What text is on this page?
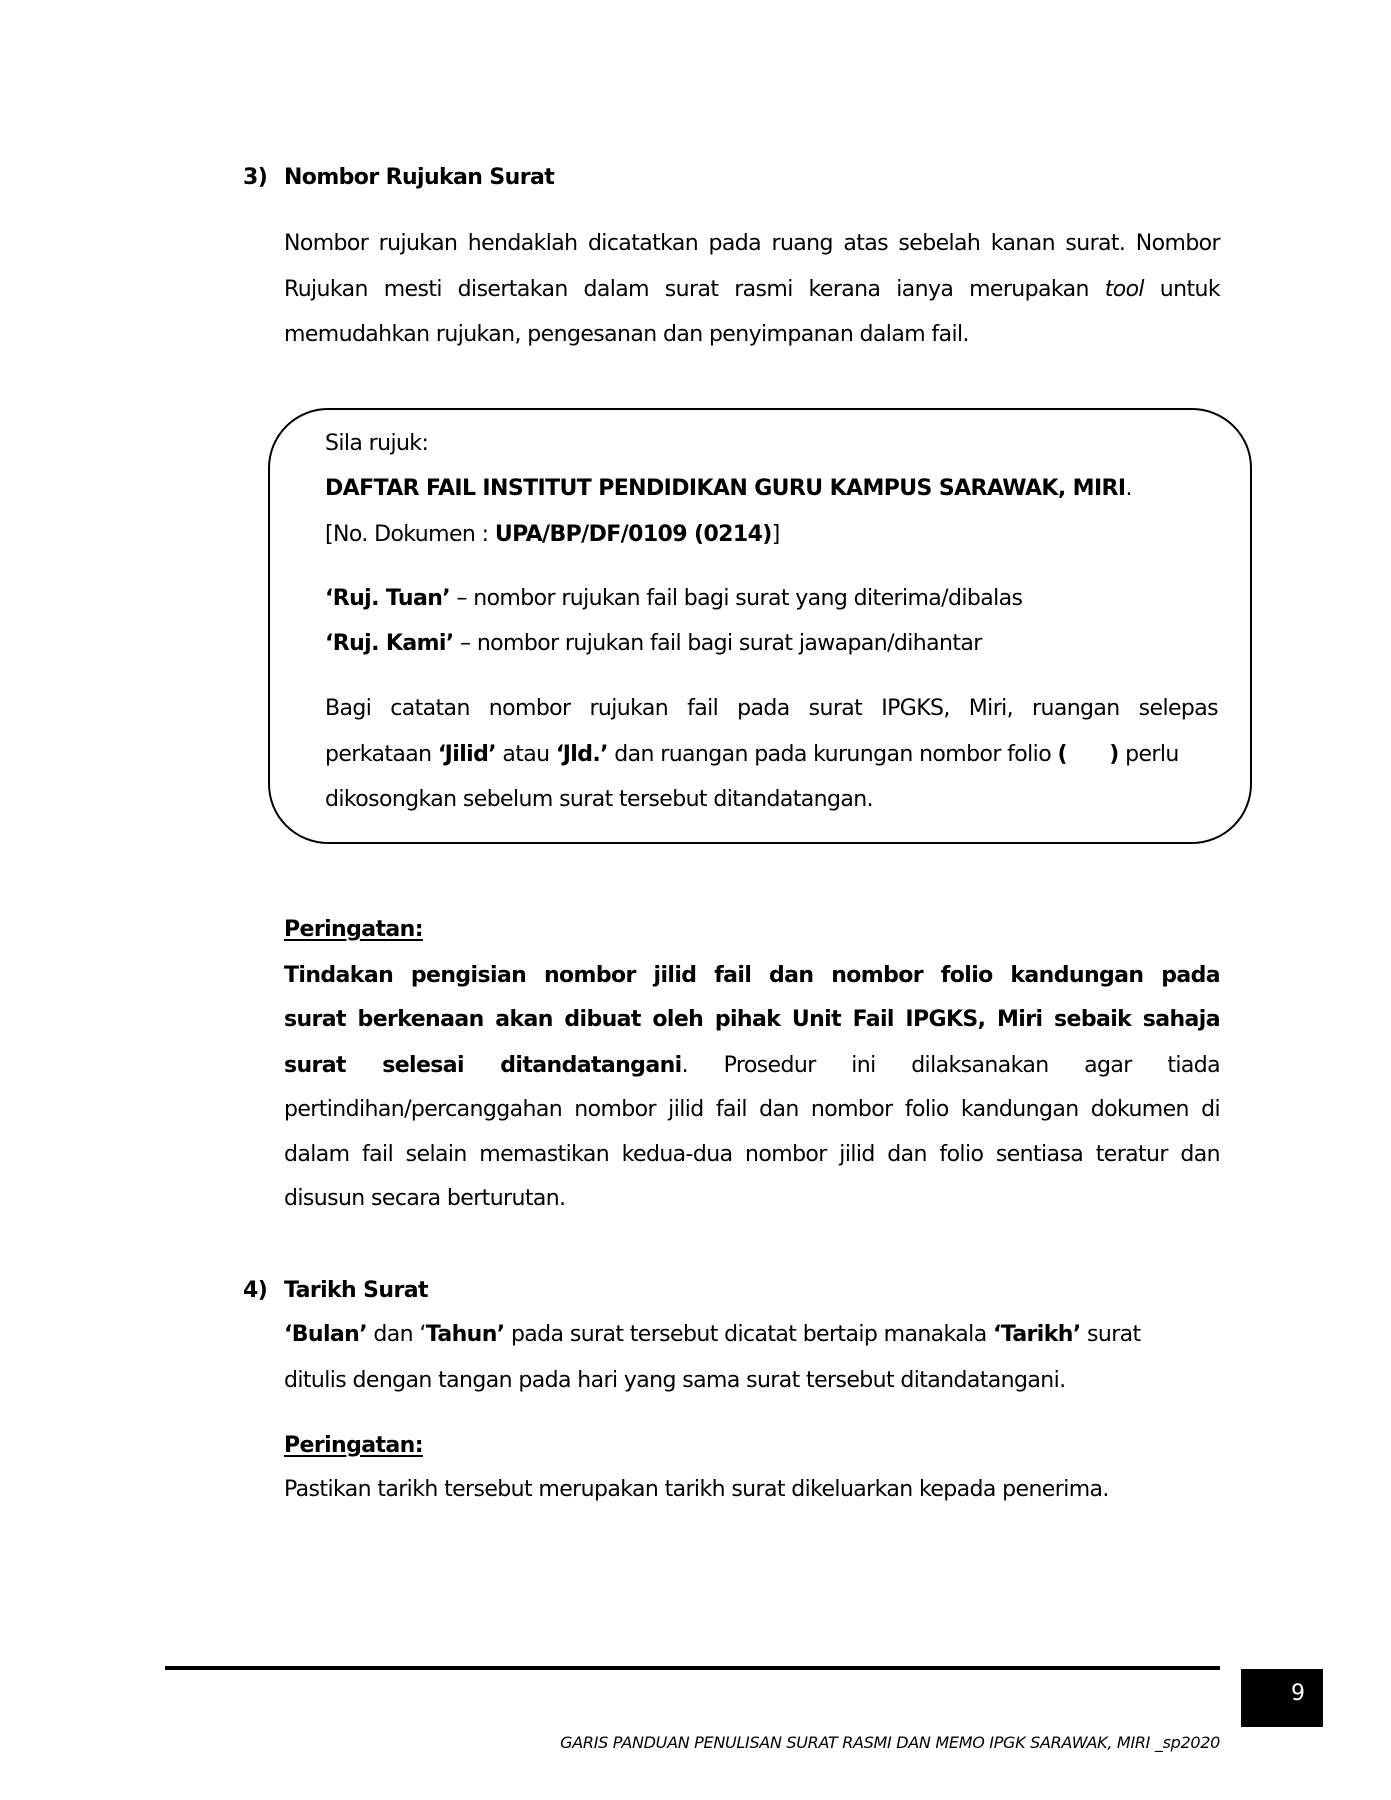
3) Nombor Rujukan Surat
Nombor rujukan hendaklah dicatatkan pada ruang atas sebelah kanan surat. Nombor
Rujukan mesti disertakan dalam surat rasmi kerana ianya merupakan tool untuk
memudahkan rujukan, pengesanan dan penyimpanan dalam fail.
Sila rujuk:
DAFTAR FAIL INSTITUT PENDIDIKAN GURU KAMPUS SARAWAK, MIRI.
[No. Dokumen : UPA/BP/DF/0109 (0214)]
‘Ruj. Tuan’ – nombor rujukan fail bagi surat yang diterima/dibalas
‘Ruj. Kami’ – nombor rujukan fail bagi surat jawapan/dihantar
Bagi catatan nombor rujukan fail pada surat IPGKS, Miri, ruangan selepas
perkataan ‘Jilid’ atau ‘Jld.’ dan ruangan pada kurungan nombor folio (      ) perlu
dikosongkan sebelum surat tersebut ditandatangan.
Peringatan:
Tindakan pengisian nombor jilid fail dan nombor folio kandungan pada
surat berkenaan akan dibuat oleh pihak Unit Fail IPGKS, Miri sebaik sahaja
surat selesai ditandatangani. Prosedur ini dilaksanakan agar tiada
pertindihan/percanggahan nombor jilid fail dan nombor folio kandungan dokumen di
dalam fail selain memastikan kedua-dua nombor jilid dan folio sentiasa teratur dan
disusun secara berturutan.
4) Tarikh Surat
‘Bulan’ dan ‘Tahun’ pada surat tersebut dicatat bertaip manakala ‘Tarikh’ surat
ditulis dengan tangan pada hari yang sama surat tersebut ditandatangani.
Peringatan:
Pastikan tarikh tersebut merupakan tarikh surat dikeluarkan kepada penerima.
9
GARIS PANDUAN PENULISAN SURAT RASMI DAN MEMO IPGK SARAWAK, MIRI _sp2020
